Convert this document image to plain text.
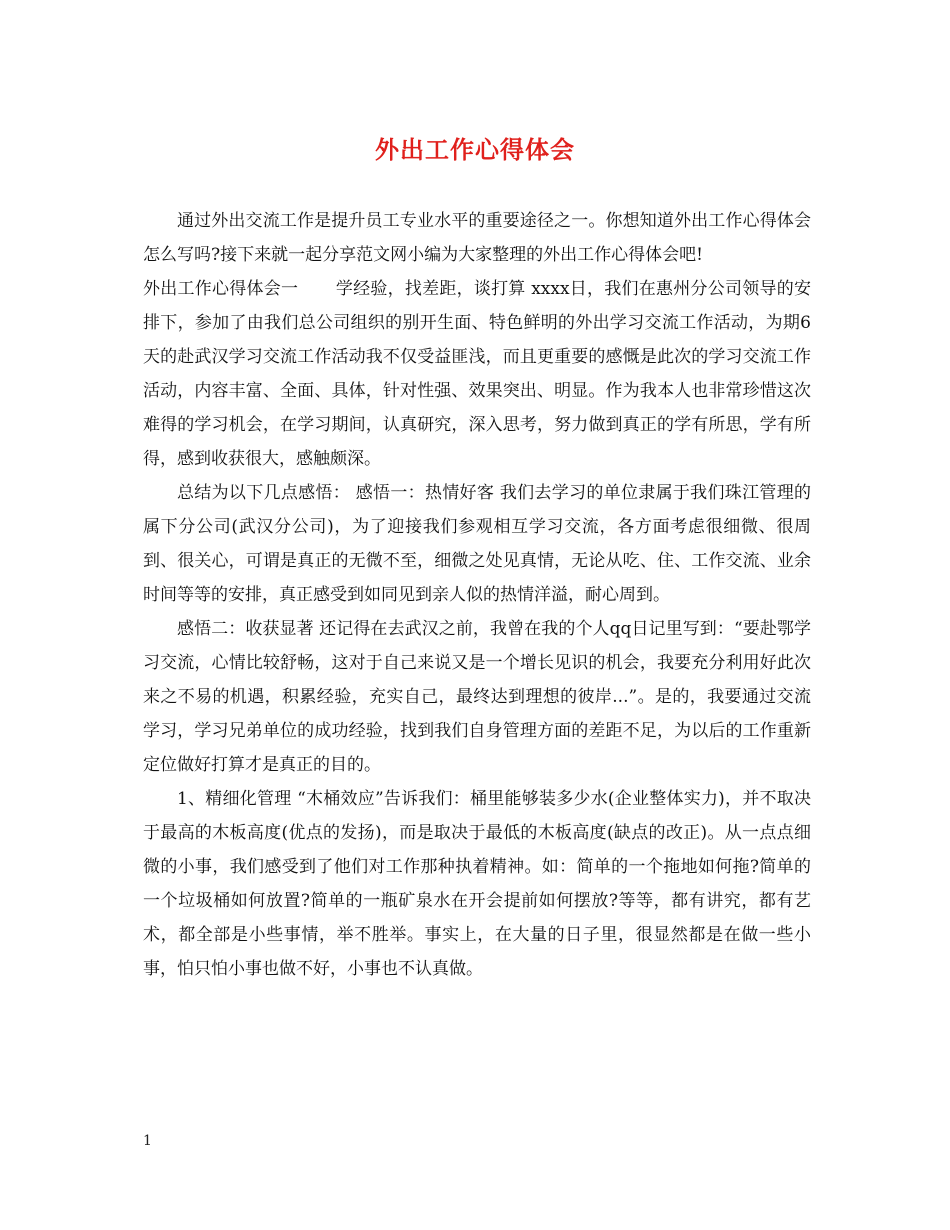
外出工作心得体会

通过外出交流工作是提升员工专业水平的重要途径之一。你想知道外出工作心得体会怎么写吗?接下来就一起分享范文网小编为大家整理的外出工作心得体会吧!

外出工作心得体会一 学经验，找差距，谈打算 xxxx日，我们在惠州分公司领导的安排下，参加了由我们总公司组织的别开生面、特色鲜明的外出学习交流工作活动，为期6天的赴武汉学习交流工作活动我不仅受益匪浅，而且更重要的感慨是此次的学习交流工作活动，内容丰富、全面、具体，针对性强、效果突出、明显。作为我本人也非常珍惜这次难得的学习机会，在学习期间，认真研究，深入思考，努力做到真正的学有所思，学有所得，感到收获很大，感触颇深。

总结为以下几点感悟： 感悟一：热情好客 我们去学习的单位隶属于我们珠江管理的属下分公司(武汉分公司)，为了迎接我们参观相互学习交流，各方面考虑很细微、很周到、很关心，可谓是真正的无微不至，细微之处见真情，无论从吃、住、工作交流、业余时间等等的安排，真正感受到如同见到亲人似的热情洋溢，耐心周到。

感悟二：收获显著 还记得在去武汉之前，我曾在我的个人qq日记里写到：“要赴鄂学习交流，心情比较舒畅，这对于自己来说又是一个增长见识的机会，我要充分利用好此次来之不易的机遇，积累经验，充实自己，最终达到理想的彼岸...”。是的，我要通过交流学习，学习兄弟单位的成功经验，找到我们自身管理方面的差距不足，为以后的工作重新定位做好打算才是真正的目的。

1、精细化管理 “木桶效应”告诉我们：桶里能够装多少水(企业整体实力)，并不取决于最高的木板高度(优点的发扬)，而是取决于最低的木板高度(缺点的改正)。从一点点细微的小事，我们感受到了他们对工作那种执着精神。如：简单的一个拖地如何拖?简单的一个垃圾桶如何放置?简单的一瓶矿泉水在开会提前如何摆放?等等，都有讲究，都有艺术，都全部是小些事情，举不胜举。事实上，在大量的日子里，很显然都是在做一些小事，怕只怕小事也做不好，小事也不认真做。

1
